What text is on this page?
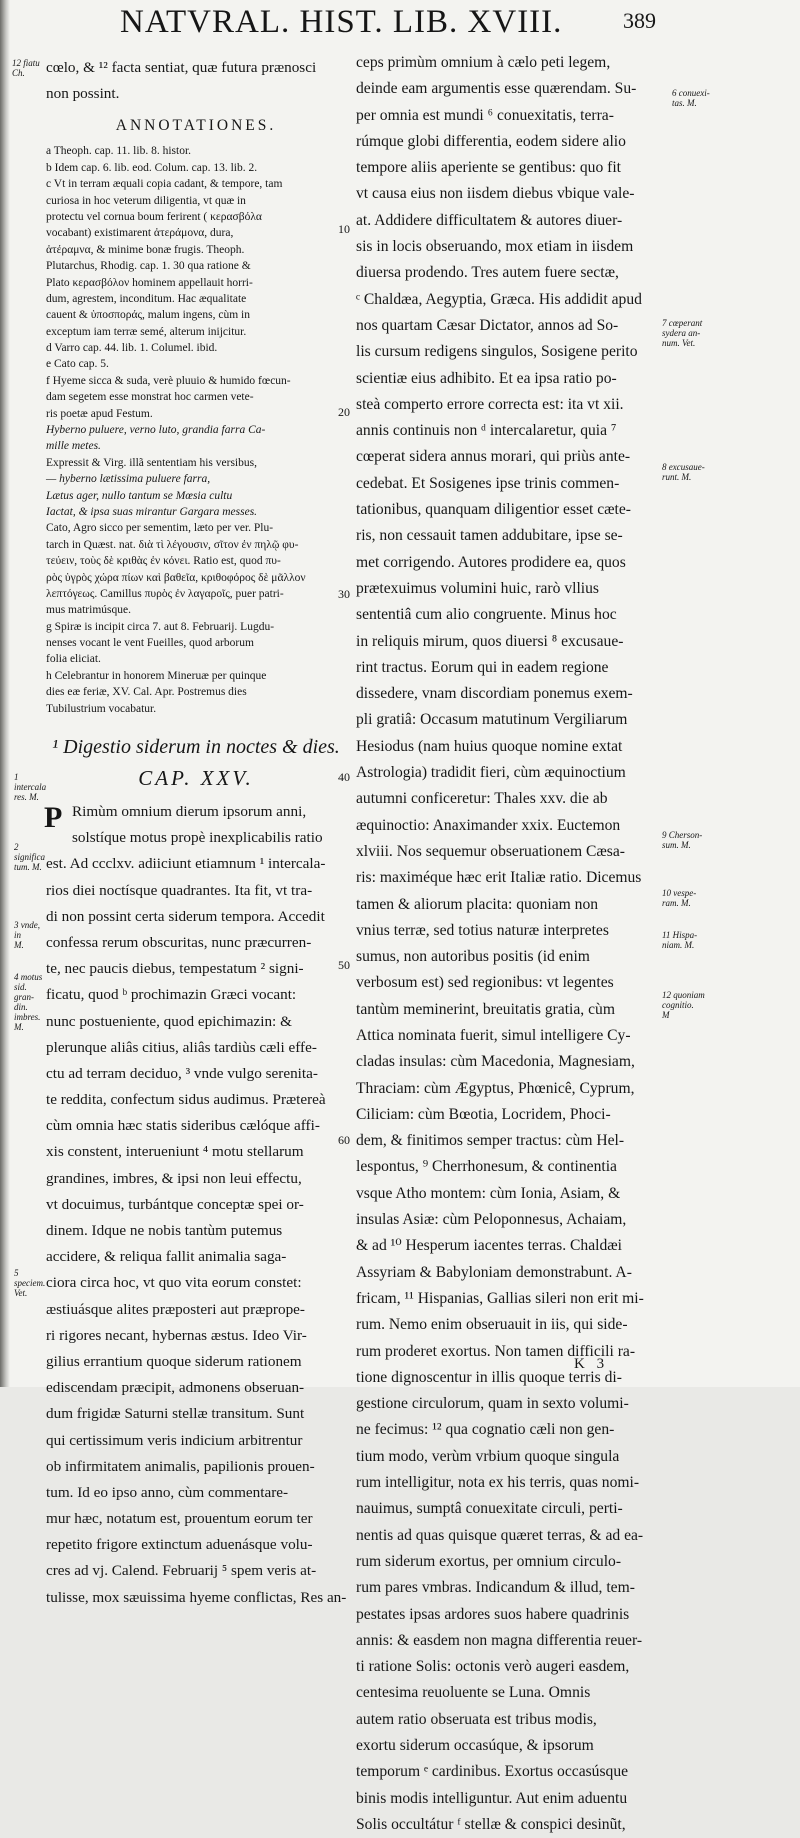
NATVRAL. HIST. LIB. XVIII.	389
cœlo, & ¹² facta sentiat, quæ futura prænosci
non possint.
ANNOTATIONES.
a Theoph. cap. 11. lib. 8. histor.
b Idem cap. 6. lib. eod. Colum. cap. 13. lib. 2.
c Vt in terram æquali copia cadant, & tempore, tam
curiosa in hoc veterum diligentia, vt quæ in
protectu vel cornua boum ferirent ( κερασβόλα
vocabant) existimarent ἀτεράμονα, dura,
ἀτέραμνα, & minime bonæ frugis. Theoph.
Plutarchus, Rhodig. cap. 1. 30 qua ratione &
Plato κερασβόλον hominem appellauit horri-
dum, agrestem, inconditum. Hac æqualitate
cauent & ὑποσποράς, malum ingens, cùm in
exceptum iam terræ semé, alterum inijcitur.
d Varro cap. 44. lib. 1. Columel. ibid.
e Cato cap. 5.
f Hyeme sicca & suda, verè pluuio & humido fœcun-
dam segetem esse monstrat hoc carmen vete-
ris poetæ apud Festum.
Hyberno puluere, verno luto, grandia farra Ca-
mille metes.
Expressit & Virg. illã sententiam his versibus,
— hyberno lætissima puluere farra,
Lætus ager, nullo tantum se Mœsia cultu
Iactat, & ipsa suas mirantur Gargara messes.
Cato, Agro sicco per sementim, læto per ver. Plu-
tarch in Quæst. nat. διὰ τὶ λέγουσιν, σῖτον ἐν πηλῷ φυ-
τεύειν, τοὺς δὲ κριθὰς ἐν κόνει. Ratio est, quod πυ-
ρὸς ὑγρὸς χώρα πίων καὶ βαθεῖα, κριθοφόρος δὲ μᾶλλον
λεπτόγεως. Camillus πυρὸς ἐν λαγαροῖς, puer patri-
mus matrimúsque.
g Spiræ is incipit circa 7. aut 8. Februarij. Lugdu-
nenses vocant le vent Fueilles, quod arborum
folia eliciat.
h Celebrantur in honorem Mineruæ per quinque
dies eæ feriæ, XV. Cal. Apr. Postremus dies
Tubilustrium vocabatur.
¹ Digestio siderum in noctes & dies.
CAP. XXV.
P Rimùm omnium dierum ipsorum anni,
solstíque motus propè inexplicabilis ratio
est. Ad ccclxv. adiiciunt etiamnum ¹ intercala-
rios diei noctísque quadrantes. Ita fit, vt tra-
di non possint certa siderum tempora. Accedit
confessa rerum obscuritas, nunc præcurren-
te, nec paucis diebus, tempestatum ² signi-
ficatu, quod ᵇ prochimazin Græci vocant:
nunc postueniente, quod epichimazin: &
plerunque aliâs citius, aliâs tardiùs cæli effe-
ctu ad terram deciduo, ³ vnde vulgo serenita-
te reddita, confectum sidus audimus. Prætereà
cùm omnia hæc statis sideribus cælóque affi-
xis constent, interueniunt ⁴ motu stellarum
grandines, imbres, & ipsi non leui effectu,
vt docuimus, turbántque conceptæ spei or-
dinem. Idque ne nobis tantùm putemus
accidere, & reliqua fallit animalia saga-
ciora circa hoc, vt quo vita eorum constet:
æstiuásque alites præposteri aut præprope-
ri rigores necant, hybernas æstus. Ideo Vir-
gilius errantium quoque siderum rationem
ediscendam præcipit, admonens obseruan-
dum frigidæ Saturni stellæ transitum. Sunt
qui certissimum veris indicium arbitrentur
ob infirmitatem animalis, papilionis prouen-
tum. Id eo ipso anno, cùm commentare-
mur hæc, notatum est, prouentum eorum ter
repetito frigore extinctum aduenásque volu-
cres ad vj. Calend. Februarij ⁵ spem veris at-
tulisse, mox sæuissima hyeme conflictas, Res an-
ceps primùm omnium à cælo peti legem,
deinde eam argumentis esse quærendam. Su-
per omnia est mundi ⁶ conuexitatis, terra-
rúmque globi differentia, eodem sidere alio
tempore aliis aperiente se gentibus: quo fit
vt causa eius non iisdem diebus vbique vale-
at. Addidere difficultatem & autores diuer-
sis in locis obseruando, mox etiam in iisdem
diuersa prodendo. Tres autem fuere sectæ,
ᶜ Chaldæa, Aegyptia, Græca. His addidit apud
nos quartam Cæsar Dictator, annos ad So-
lis cursum redigens singulos, Sosigene perito
scientiæ eius adhibito. Et ea ipsa ratio po-
steà comperto errore correcta est: ita vt xii.
annis continuis non ᵈ intercalaretur, quia ⁷
cœperat sidera annus morari, qui priùs ante-
cedebat. Et Sosigenes ipse trinis commen-
tationibus, quanquam diligentior esset cæte-
ris, non cessauit tamen addubitare, ipse se-
met corrigendo. Autores prodidere ea, quos
prætexuimus volumini huic, rarò vllius
sententiâ cum alio congruente. Minus hoc
in reliquis mirum, quos diuersi ⁸ excusaue-
rint tractus. Eorum qui in eadem regione
dissedere, vnam discordiam ponemus exem-
pli gratiâ: Occasum matutinum Vergiliarum
Hesiodus (nam huius quoque nomine extat
Astrologia) tradidit fieri, cùm æquinoctium
autumni conficeretur: Thales xxv. die ab
æquinoctio: Anaximander xxix. Euctemon
xlviii. Nos sequemur obseruationem Cæsa-
ris: maximéque hæc erit Italiæ ratio. Dicemus
tamen & aliorum placita: quoniam non
vnius terræ, sed totius naturæ interpretes
sumus, non autoribus positis (id enim
verbosum est) sed regionibus: vt legentes
tantùm meminerint, breuitatis gratia, cùm
Attica nominata fuerit, simul intelligere Cy-
cladas insulas: cùm Macedonia, Magnesiam,
Thraciam: cùm Ægyptus, Phœnicê, Cyprum,
Ciliciam: cùm Bœotia, Locridem, Phoci-
dem, & finitimos semper tractus: cùm Hel-
lespontus, ⁹ Cherrhonesum, & continentia
vsque Atho montem: cùm Ionia, Asiam, &
insulas Asiæ: cùm Peloponnesus, Achaiam,
& ad ¹⁰ Hesperum iacentes terras. Chaldæi
Assyriam & Babyloniam demonstrabunt. A-
fricam, ¹¹ Hispanias, Gallias sileri non erit mi-
rum. Nemo enim obseruauit in iis, qui side-
rum proderet exortus. Non tamen difficili ra-
tione dignoscentur in illis quoque terris di-
gestione circulorum, quam in sexto volumi-
ne fecimus: ¹² qua cognatio cæli non gen-
tium modo, verùm vrbium quoque singula
rum intelligitur, nota ex his terris, quas nomi-
nauimus, sumptâ conuexitate circuli, perti-
nentis ad quas quisque quæret terras, & ad ea-
rum siderum exortus, per omnium circulo-
rum pares vmbras. Indicandum & illud, tem-
pestates ipsas ardores suos habere quadrinis
annis: & easdem non magna differentia reuer-
ti ratione Solis: octonis verò augeri easdem,
centesima reuoluente se Luna. Omnis
autem ratio obseruata est tribus modis,
exortu siderum occasúque, & ipsorum
temporum ᵉ cardinibus. Exortus occasúsque
binis modis intelliguntur. Aut enim aduentu
Solis occultátur ᶠ stellæ & conspici desinũt,
10
20
30
40
50
60
12 fiatu
Ch.
6 conuexi-
tas. M.
7 cœperant
sydera an-
num. Vet.
8 excusaue-
runt. M.
9 Cherson-
sum. M.
10 vespe-
ram. M.
11 Hispa-
niam. M.
12 quoniam
cognitio.
M
1 intercala
res. M.
2 significa
tum. M.
3 vnde, in
M.
4 motus
sid. gran-
din. imbres.
M.
5 speciem.
Vet.
K 3
